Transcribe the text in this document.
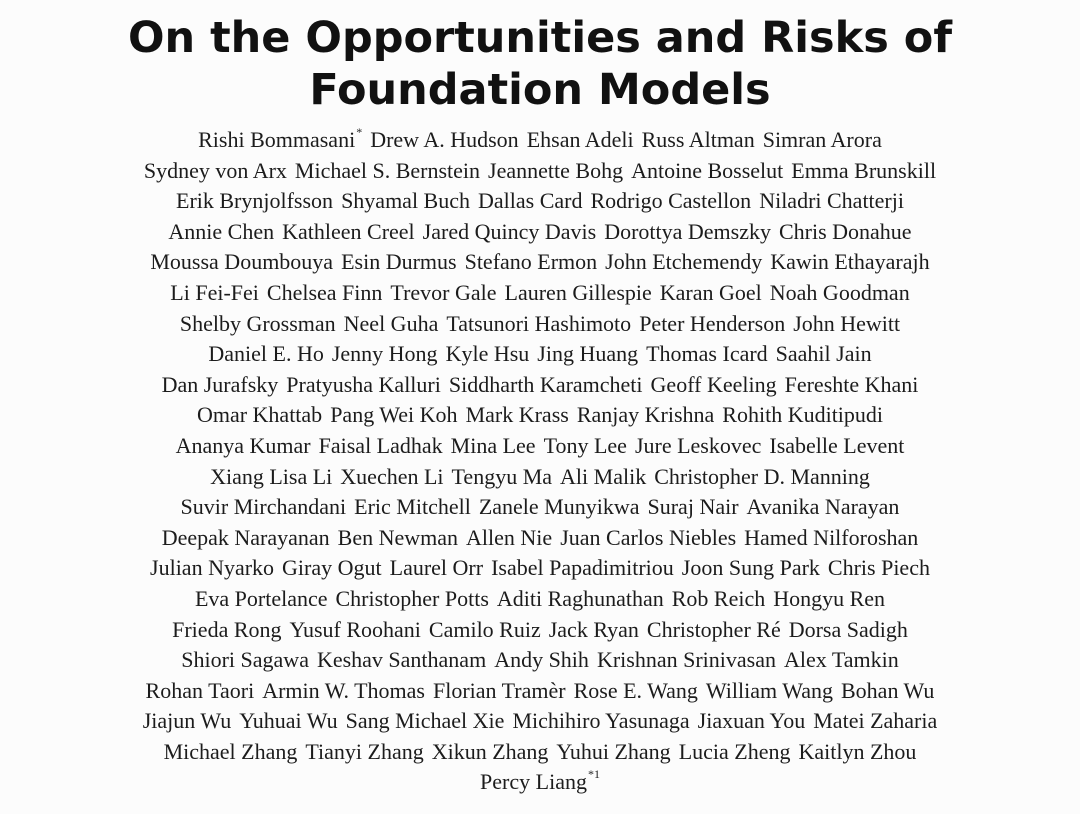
On the Opportunities and Risks of
Foundation Models
Rishi Bommasani* Drew A. Hudson Ehsan Adeli Russ Altman Simran Arora
Sydney von Arx Michael S. Bernstein Jeannette Bohg Antoine Bosselut Emma Brunskill
Erik Brynjolfsson Shyamal Buch Dallas Card Rodrigo Castellon Niladri Chatterji
Annie Chen Kathleen Creel Jared Quincy Davis Dorottya Demszky Chris Donahue
Moussa Doumbouya Esin Durmus Stefano Ermon John Etchemendy Kawin Ethayarajh
Li Fei-Fei Chelsea Finn Trevor Gale Lauren Gillespie Karan Goel Noah Goodman
Shelby Grossman Neel Guha Tatsunori Hashimoto Peter Henderson John Hewitt
Daniel E. Ho Jenny Hong Kyle Hsu Jing Huang Thomas Icard Saahil Jain
Dan Jurafsky Pratyusha Kalluri Siddharth Karamcheti Geoff Keeling Fereshte Khani
Omar Khattab Pang Wei Koh Mark Krass Ranjay Krishna Rohith Kuditipudi
Ananya Kumar Faisal Ladhak Mina Lee Tony Lee Jure Leskovec Isabelle Levent
Xiang Lisa Li Xuechen Li Tengyu Ma Ali Malik Christopher D. Manning
Suvir Mirchandani Eric Mitchell Zanele Munyikwa Suraj Nair Avanika Narayan
Deepak Narayanan Ben Newman Allen Nie Juan Carlos Niebles Hamed Nilforoshan
Julian Nyarko Giray Ogut Laurel Orr Isabel Papadimitriou Joon Sung Park Chris Piech
Eva Portelance Christopher Potts Aditi Raghunathan Rob Reich Hongyu Ren
Frieda Rong Yusuf Roohani Camilo Ruiz Jack Ryan Christopher Ré Dorsa Sadigh
Shiori Sagawa Keshav Santhanam Andy Shih Krishnan Srinivasan Alex Tamkin
Rohan Taori Armin W. Thomas Florian Tramèr Rose E. Wang William Wang Bohan Wu
Jiajun Wu Yuhuai Wu Sang Michael Xie Michihiro Yasunaga Jiaxuan You Matei Zaharia
Michael Zhang Tianyi Zhang Xikun Zhang Yuhui Zhang Lucia Zheng Kaitlyn Zhou
Percy Liang$^{*1}$
